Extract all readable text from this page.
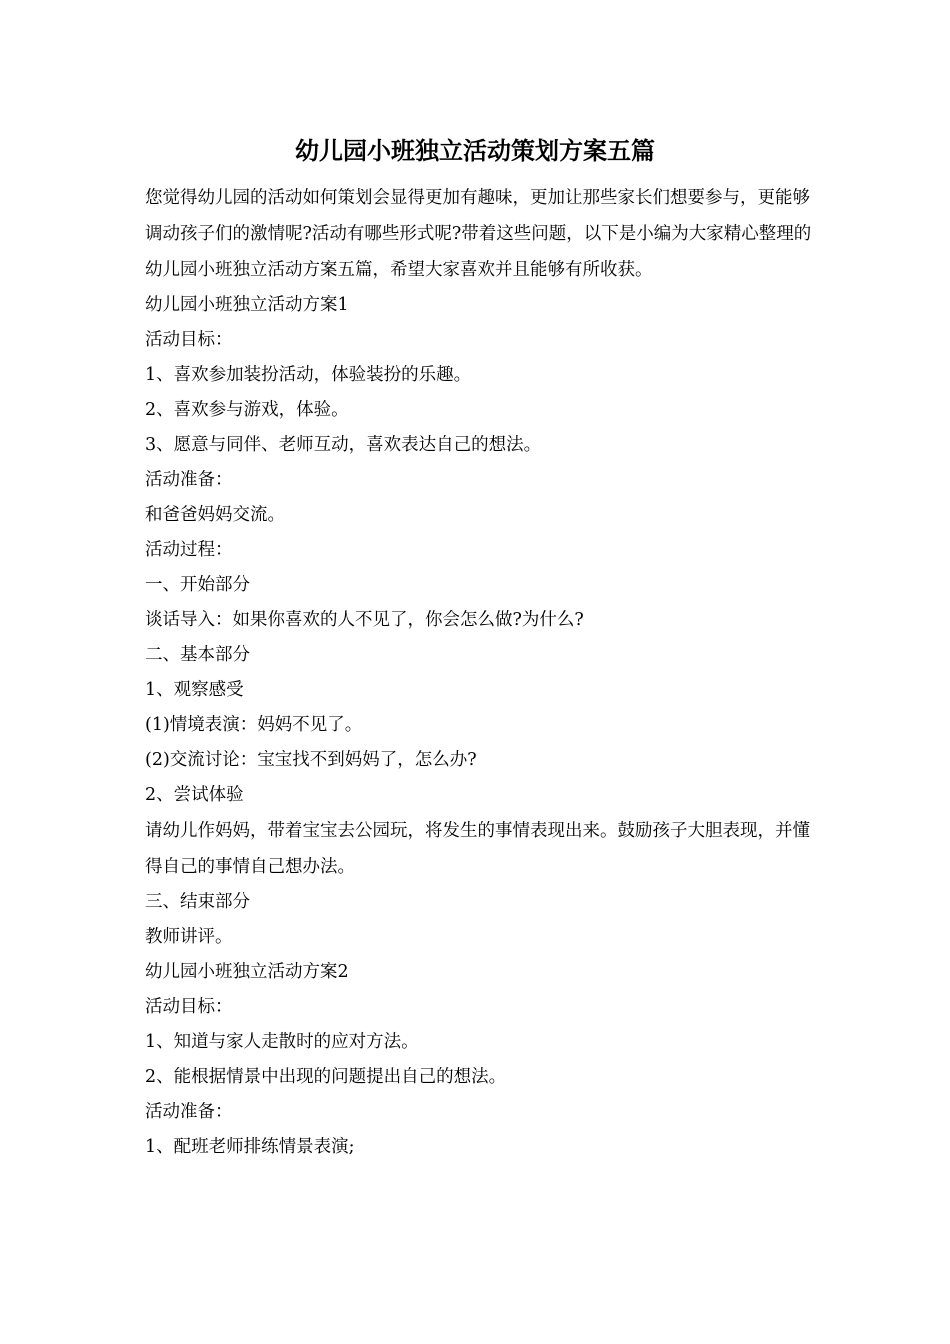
幼儿园小班独立活动策划方案五篇

您觉得幼儿园的活动如何策划会显得更加有趣味，更加让那些家长们想要参与，更能够调动孩子们的激情呢?活动有哪些形式呢?带着这些问题，以下是小编为大家精心整理的幼儿园小班独立活动方案五篇，希望大家喜欢并且能够有所收获。

幼儿园小班独立活动方案1

活动目标：

1、喜欢参加装扮活动，体验装扮的乐趣。

2、喜欢参与游戏，体验。

3、愿意与同伴、老师互动，喜欢表达自己的想法。

活动准备：

和爸爸妈妈交流。

活动过程：

一、开始部分

谈话导入：如果你喜欢的人不见了，你会怎么做?为什么?

二、基本部分

1、观察感受

(1)情境表演：妈妈不见了。

(2)交流讨论：宝宝找不到妈妈了，怎么办?

2、尝试体验

请幼儿作妈妈，带着宝宝去公园玩，将发生的事情表现出来。鼓励孩子大胆表现，并懂得自己的事情自己想办法。

三、结束部分

教师讲评。

幼儿园小班独立活动方案2

活动目标：

1、知道与家人走散时的应对方法。

2、能根据情景中出现的问题提出自己的想法。

活动准备：

1、配班老师排练情景表演;
